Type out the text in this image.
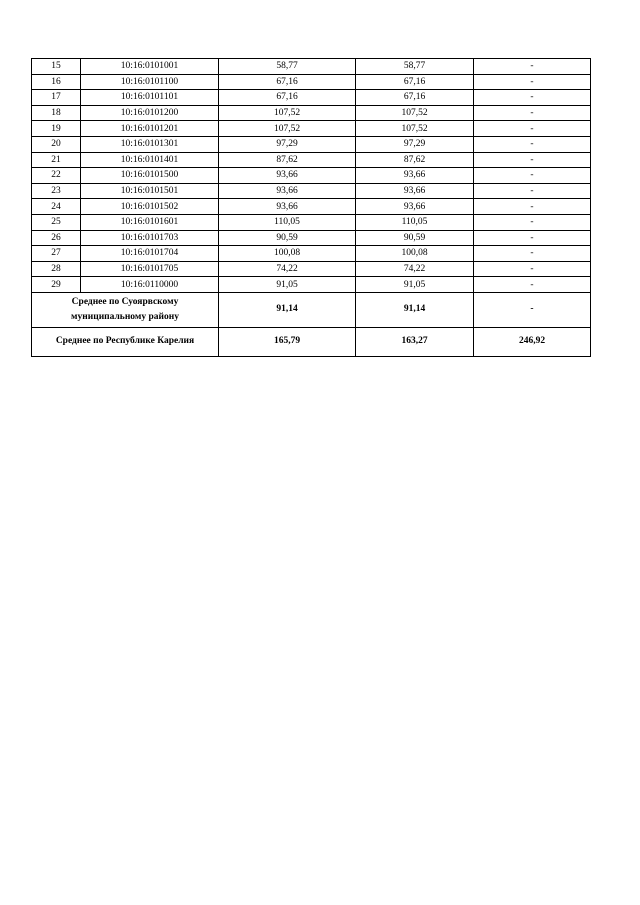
15	10:16:0101001	58,77	58,77	-
16	10:16:0101100	67,16	67,16	-
17	10:16:0101101	67,16	67,16	-
18	10:16:0101200	107,52	107,52	-
19	10:16:0101201	107,52	107,52	-
20	10:16:0101301	97,29	97,29	-
21	10:16:0101401	87,62	87,62	-
22	10:16:0101500	93,66	93,66	-
23	10:16:0101501	93,66	93,66	-
24	10:16:0101502	93,66	93,66	-
25	10:16:0101601	110,05	110,05	-
26	10:16:0101703	90,59	90,59	-
27	10:16:0101704	100,08	100,08	-
28	10:16:0101705	74,22	74,22	-
29	10:16:0110000	91,05	91,05	-
Среднее по Суоярвскому
муниципальному району		91,14	91,14	-
Среднее по Республике Карелия		165,79	163,27	246,92
